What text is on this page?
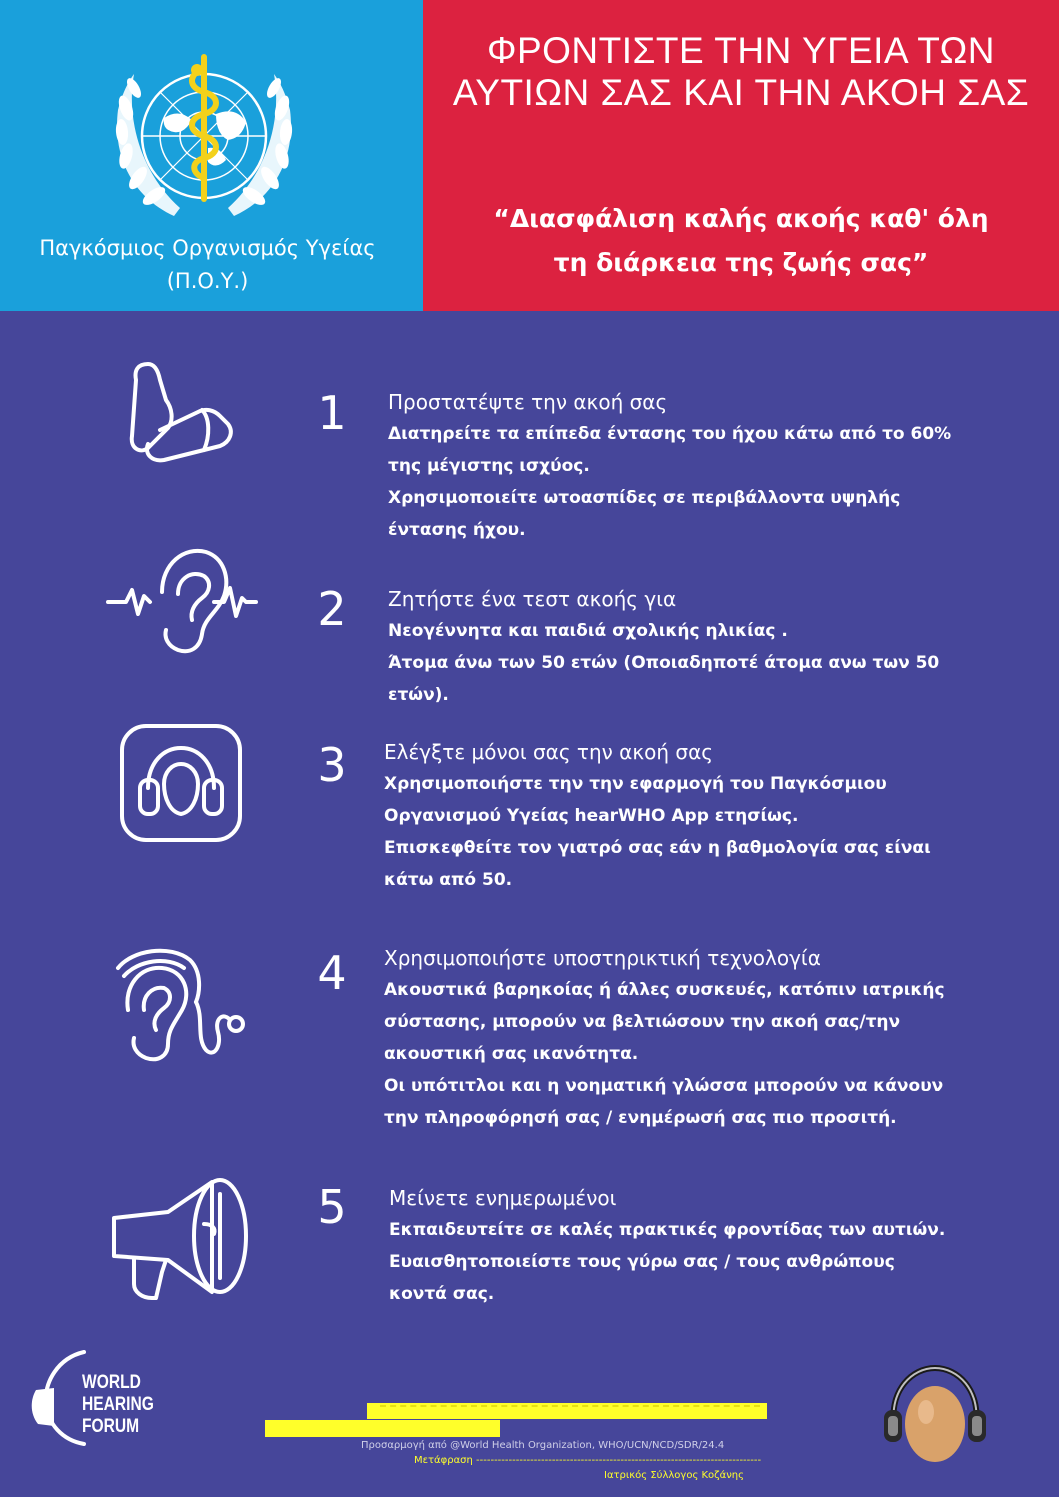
Παγκόσμιος Οργανισμός Υγείας
(Π.Ο.Υ.)
ΦΡΟΝΤΙΣΤΕ ΤΗΝ ΥΓΕΙΑ ΤΩΝ
ΑΥΤΙΩΝ ΣΑΣ ΚΑΙ ΤΗΝ ΑΚΟΗ ΣΑΣ
“Διασφάλιση καλής ακοής καθ' όλη
τη διάρκεια της ζωής σας”
1 Προστατέψτε την ακοή σας
Διατηρείτε τα επίπεδα έντασης του ήχου κάτω από το 60%
της μέγιστης ισχύος.
Χρησιμοποιείτε ωτοασπίδες σε περιβάλλοντα υψηλής
έντασης ήχου.
2 Ζητήστε ένα τεστ ακοής για
Νεογέννητα και παιδιά σχολικής ηλικίας .
Άτομα άνω των 50 ετών (Οποιαδηποτέ άτομα ανω των 50
ετών).
3 Ελέγξτε μόνοι σας την ακοή σας
Χρησιμοποιήστε την την εφαρμογή του Παγκόσμιου
Οργανισμού Υγείας hearWHO App ετησίως.
Επισκεφθείτε τον γιατρό σας εάν η βαθμολογία σας είναι
κάτω από 50.
4 Χρησιμοποιήστε υποστηρικτική τεχνολογία
Ακουστικά βαρηκοίας ή άλλες συσκευές, κατόπιν ιατρικής
σύστασης, μπορούν να βελτιώσουν την ακοή σας/την
ακουστική σας ικανότητα.
Οι υπότιτλοι και η νοηματική γλώσσα μπορούν να κάνουν
την πληροφόρησή σας / ενημέρωσή σας πιο προσιτή.
5 Μείνετε ενημερωμένοι
Εκπαιδευτείτε σε καλές πρακτικές φροντίδας των αυτιών.
Ευαισθητοποιείστε τους γύρω σας / τους ανθρώπους
κοντά σας.
WORLD
HEARING
FORUM
Προσαρμογή από @World Health Organization, WHO/UCN/NCD/SDR/24.4
Μετάφραση -------------------------------------------------------------------------------
Ιατρικός Σύλλογος Κοζάνης
